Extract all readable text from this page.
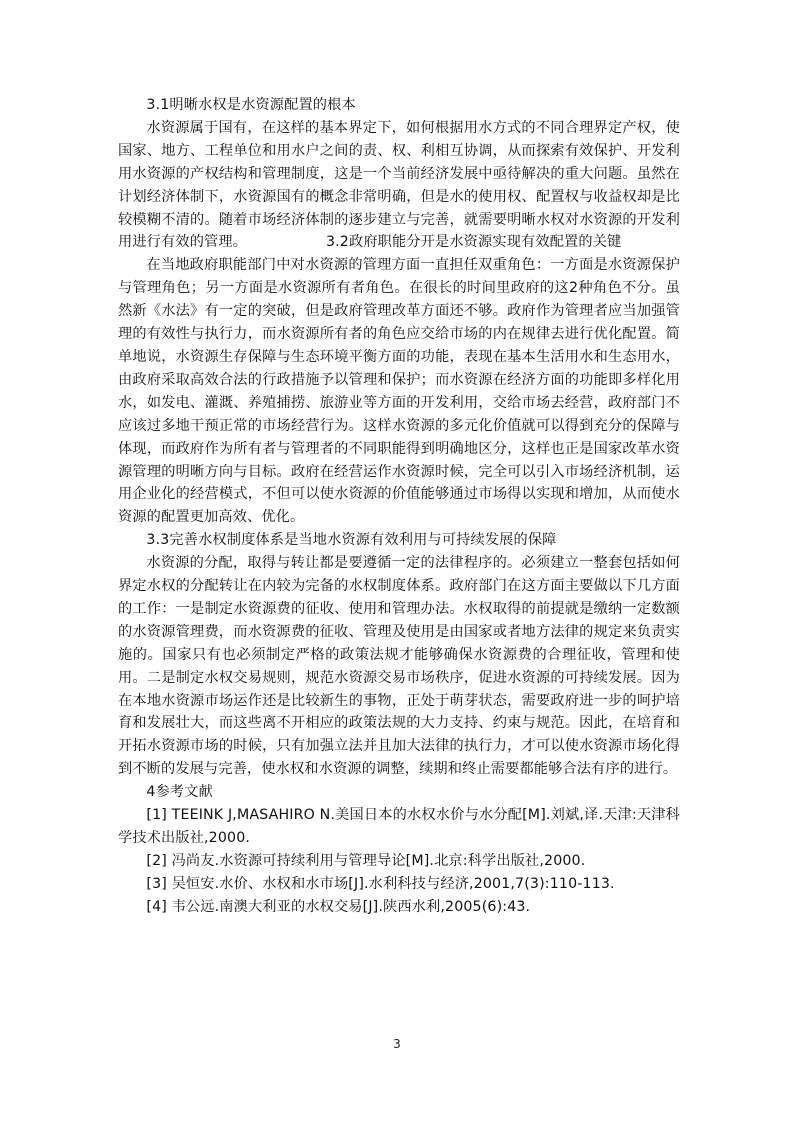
3.1明晰水权是水资源配置的根本

水资源属于国有，在这样的基本界定下，如何根据用水方式的不同合理界定产权，使国家、地方、工程单位和用水户之间的责、权、利相互协调，从而探索有效保护、开发利用水资源的产权结构和管理制度，这是一个当前经济发展中亟待解决的重大问题。虽然在计划经济体制下，水资源国有的概念非常明确，但是水的使用权、配置权与收益权却是比较模糊不清的。随着市场经济体制的逐步建立与完善，就需要明晰水权对水资源的开发利用进行有效的管理。　　　　　　3.2政府职能分开是水资源实现有效配置的关键

在当地政府职能部门中对水资源的管理方面一直担任双重角色：一方面是水资源保护与管理角色；另一方面是水资源所有者角色。在很长的时间里政府的这2种角色不分。虽然新《水法》有一定的突破，但是政府管理改革方面还不够。政府作为管理者应当加强管理的有效性与执行力，而水资源所有者的角色应交给市场的内在规律去进行优化配置。简单地说，水资源生存保障与生态环境平衡方面的功能，表现在基本生活用水和生态用水，由政府采取高效合法的行政措施予以管理和保护；而水资源在经济方面的功能即多样化用水，如发电、灌溉、养殖捕捞、旅游业等方面的开发利用，交给市场去经营，政府部门不应该过多地干预正常的市场经营行为。这样水资源的多元化价值就可以得到充分的保障与体现，而政府作为所有者与管理者的不同职能得到明确地区分，这样也正是国家改革水资源管理的明晰方向与目标。政府在经营运作水资源时候，完全可以引入市场经济机制，运用企业化的经营模式，不但可以使水资源的价值能够通过市场得以实现和增加，从而使水资源的配置更加高效、优化。

3.3完善水权制度体系是当地水资源有效利用与可持续发展的保障

水资源的分配，取得与转让都是要遵循一定的法律程序的。必须建立一整套包括如何界定水权的分配转让在内较为完备的水权制度体系。政府部门在这方面主要做以下几方面的工作：一是制定水资源费的征收、使用和管理办法。水权取得的前提就是缴纳一定数额的水资源管理费，而水资源费的征收、管理及使用是由国家或者地方法律的规定来负责实施的。国家只有也必须制定严格的政策法规才能够确保水资源费的合理征收，管理和使用。二是制定水权交易规则，规范水资源交易市场秩序，促进水资源的可持续发展。因为在本地水资源市场运作还是比较新生的事物，正处于萌芽状态，需要政府进一步的呵护培育和发展壮大，而这些离不开相应的政策法规的大力支持、约束与规范。因此，在培育和开拓水资源市场的时候，只有加强立法并且加大法律的执行力，才可以使水资源市场化得到不断的发展与完善，使水权和水资源的调整，续期和终止需要都能够合法有序的进行。

4参考文献

[1] TEEINK J,MASAHIRO N.美国日本的水权水价与水分配[M].刘斌,译.天津:天津科学技术出版社,2000.

[2] 冯尚友.水资源可持续利用与管理导论[M].北京:科学出版社,2000.

[3] 吴恒安.水价、水权和水市场[J].水利科技与经济,2001,7(3):110-113.

[4] 韦公远.南澳大利亚的水权交易[J].陕西水利,2005(6):43.

3
